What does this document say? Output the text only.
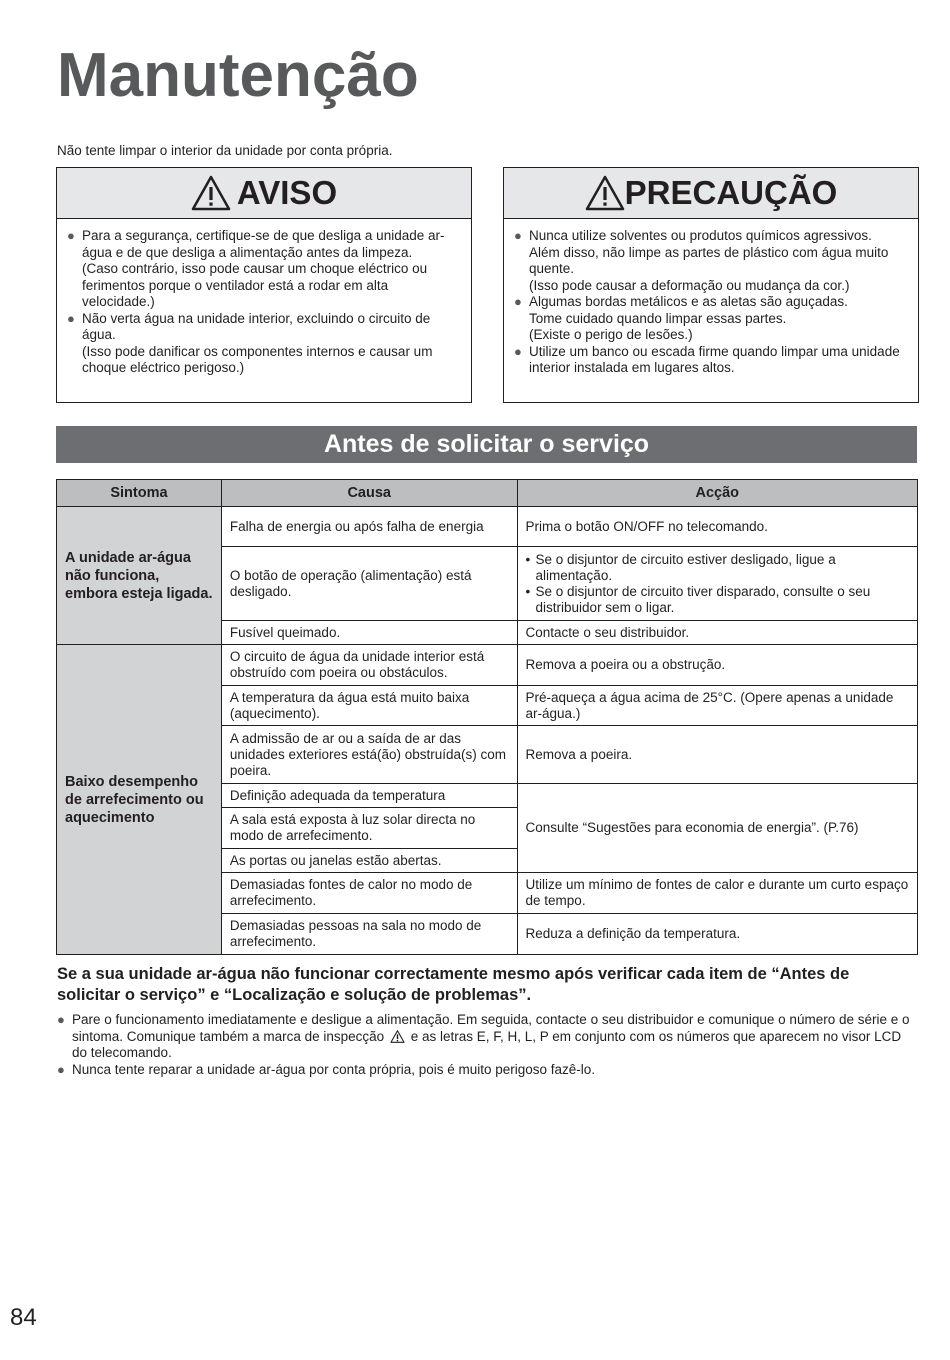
Manutenção
Não tente limpar o interior da unidade por conta própria.
AVISO
● Para a segurança, certifique-se de que desliga a unidade ar-água e de que desliga a alimentação antes da limpeza.
(Caso contrário, isso pode causar um choque eléctrico ou ferimentos porque o ventilador está a rodar em alta velocidade.)
● Não verta água na unidade interior, excluindo o circuito de água.
(Isso pode danificar os componentes internos e causar um choque eléctrico perigoso.)
PRECAUÇÃO
● Nunca utilize solventes ou produtos químicos agressivos.
Além disso, não limpe as partes de plástico com água muito quente.
(Isso pode causar a deformação ou mudança da cor.)
● Algumas bordas metálicos e as aletas são aguçadas.
Tome cuidado quando limpar essas partes.
(Existe o perigo de lesões.)
● Utilize um banco ou escada firme quando limpar uma unidade interior instalada em lugares altos.
Antes de solicitar o serviço
Sintoma	Causa	Acção
A unidade ar-água não funciona, embora esteja ligada.	Falha de energia ou após falha de energia	Prima o botão ON/OFF no telecomando.
	O botão de operação (alimentação) está desligado.	• Se o disjuntor de circuito estiver desligado, ligue a alimentação.
• Se o disjuntor de circuito tiver disparado, consulte o seu distribuidor sem o ligar.

	Fusível queimado.	Contacte o seu distribuidor.
Baixo desempenho de arrefecimento ou aquecimento	O circuito de água da unidade interior está obstruído com poeira ou obstáculos.	Remova a poeira ou a obstrução.
	A temperatura da água está muito baixa (aquecimento).	Pré-aqueça a água acima de 25°C. (Opere apenas a unidade ar-água.)
	A admissão de ar ou a saída de ar das unidades exteriores está(ão) obstruída(s) com poeira.	Remova a poeira.
	Definição adequada da temperatura	Consulte “Sugestões para economia de energia”. (P.76)
	A sala está exposta à luz solar directa no modo de arrefecimento.	
	As portas ou janelas estão abertas.	
	Demasiadas fontes de calor no modo de arrefecimento.	Utilize um mínimo de fontes de calor e durante um curto espaço de tempo.
	Demasiadas pessoas na sala no modo de arrefecimento.	Reduza a definição da temperatura.
Se a sua unidade ar-água não funcionar correctamente mesmo após verificar cada item de “Antes de solicitar o serviço” e “Localização e solução de problemas”.
● Pare o funcionamento imediatamente e desligue a alimentação. Em seguida, contacte o seu distribuidor e comunique o número de série e o sintoma. Comunique também a marca de inspecção e as letras E, F, H, L, P em conjunto com os números que aparecem no visor LCD do telecomando.
● Nunca tente reparar a unidade ar-água por conta própria, pois é muito perigoso fazê-lo.
84
